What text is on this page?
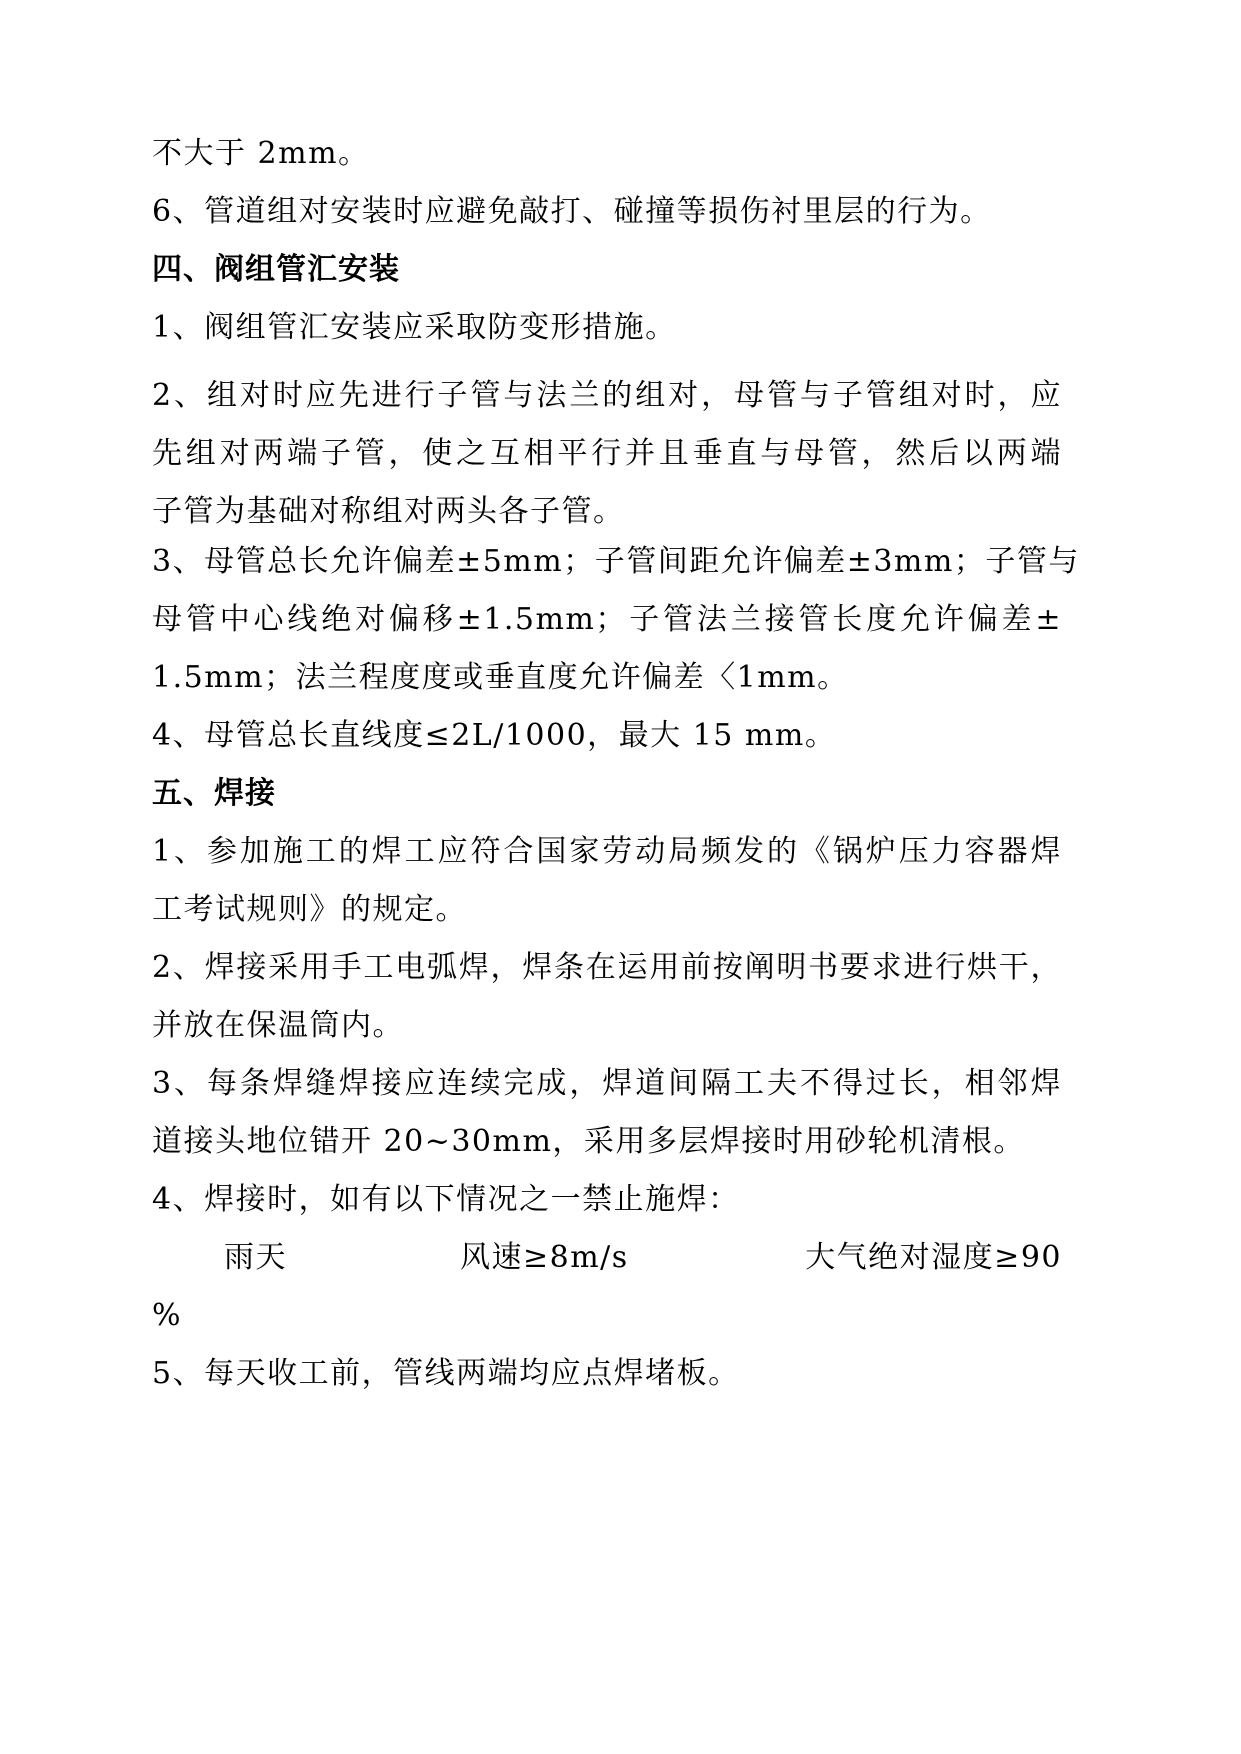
不大于 2mm。
6、管道组对安装时应避免敲打、碰撞等损伤衬里层的行为。
四、阀组管汇安装
1、阀组管汇安装应采取防变形措施。
2、组对时应先进行子管与法兰的组对，母管与子管组对时，应
先组对两端子管，使之互相平行并且垂直与母管，然后以两端
子管为基础对称组对两头各子管。
3、母管总长允许偏差±5mm；子管间距允许偏差±3mm；子管与
母管中心线绝对偏移±1.5mm；子管法兰接管长度允许偏差±
1.5mm；法兰程度度或垂直度允许偏差〈1mm。
4、母管总长直线度≤2L/1000，最大 15 mm。
五、焊接
1、参加施工的焊工应符合国家劳动局频发的《锅炉压力容器焊
工考试规则》的规定。
2、焊接采用手工电弧焊，焊条在运用前按阐明书要求进行烘干，
并放在保温筒内。
3、每条焊缝焊接应连续完成，焊道间隔工夫不得过长，相邻焊
道接头地位错开 20~30mm，采用多层焊接时用砂轮机清根。
4、焊接时，如有以下情况之一禁止施焊：
雨天	风速≥8m/s	大气绝对湿度≥90
%
5、每天收工前，管线两端均应点焊堵板。
